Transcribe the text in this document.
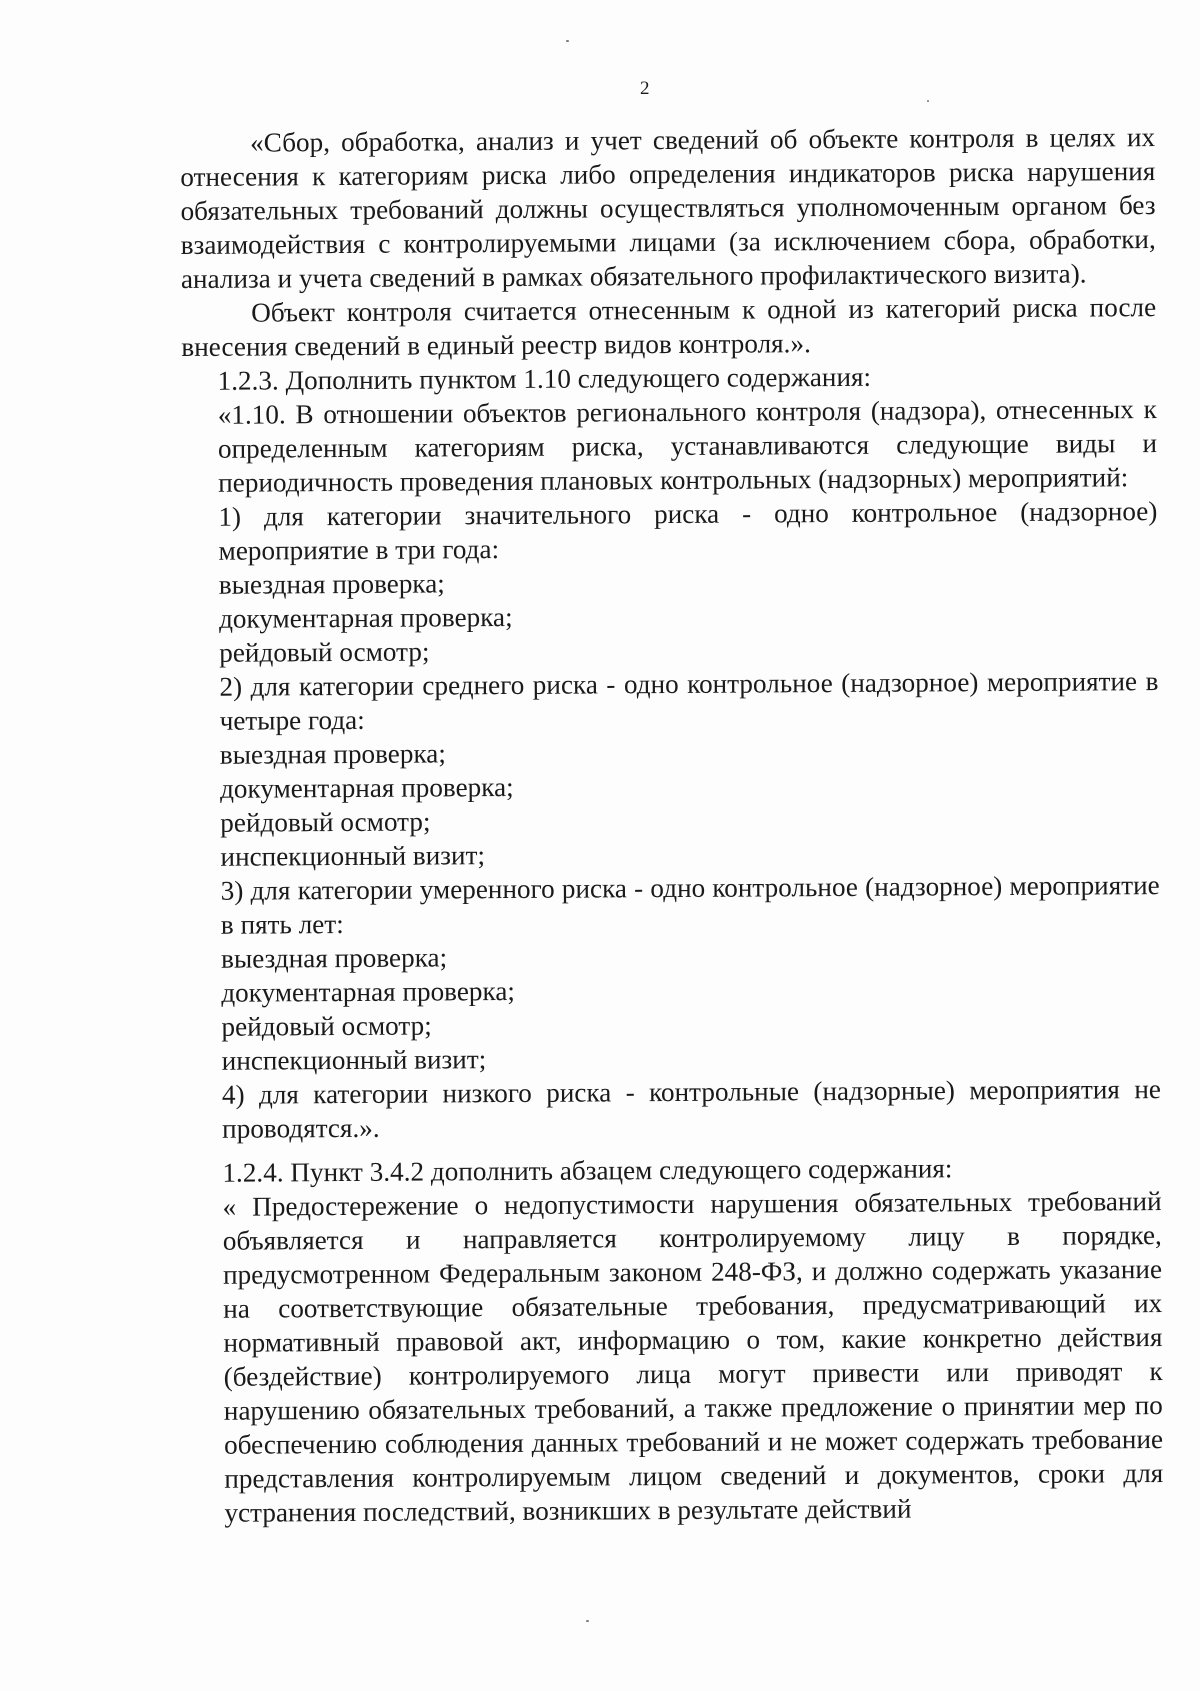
2

«Сбор, обработка, анализ и учет сведений об объекте контроля в целях их отнесения к категориям риска либо определения индикаторов риска нарушения обязательных требований должны осуществляться уполномоченным органом без взаимодействия с контролируемыми лицами (за исключением сбора, обработки, анализа и учета сведений в рамках обязательного профилактического визита).

Объект контроля считается отнесенным к одной из категорий риска после внесения сведений в единый реестр видов контроля.».

1.2.3. Дополнить пунктом 1.10 следующего содержания:

«1.10. В отношении объектов регионального контроля (надзора), отнесенных к определенным категориям риска, устанавливаются следующие виды и периодичность проведения плановых контрольных (надзорных) мероприятий:

1) для категории значительного риска - одно контрольное (надзорное) мероприятие в три года:

выездная проверка;

документарная проверка;

рейдовый осмотр;

2) для категории среднего риска - одно контрольное (надзорное) мероприятие в четыре года:

выездная проверка;

документарная проверка;

рейдовый осмотр;

инспекционный визит;

3) для категории умеренного риска - одно контрольное (надзорное) мероприятие в пять лет:

выездная проверка;

документарная проверка;

рейдовый осмотр;

инспекционный визит;

4) для категории низкого риска - контрольные (надзорные) мероприятия не проводятся.».

1.2.4. Пункт 3.4.2 дополнить абзацем следующего содержания:

« Предостережение о недопустимости нарушения обязательных требований объявляется и направляется контролируемому лицу в порядке, предусмотренном Федеральным законом 248-ФЗ, и должно содержать указание на соответствующие обязательные требования, предусматривающий их нормативный правовой акт, информацию о том, какие конкретно действия (бездействие) контролируемого лица могут привести или приводят к нарушению обязательных требований, а также предложение о принятии мер по обеспечению соблюдения данных требований и не может содержать требование представления контролируемым лицом сведений и документов, сроки для устранения последствий, возникших в результате действий
